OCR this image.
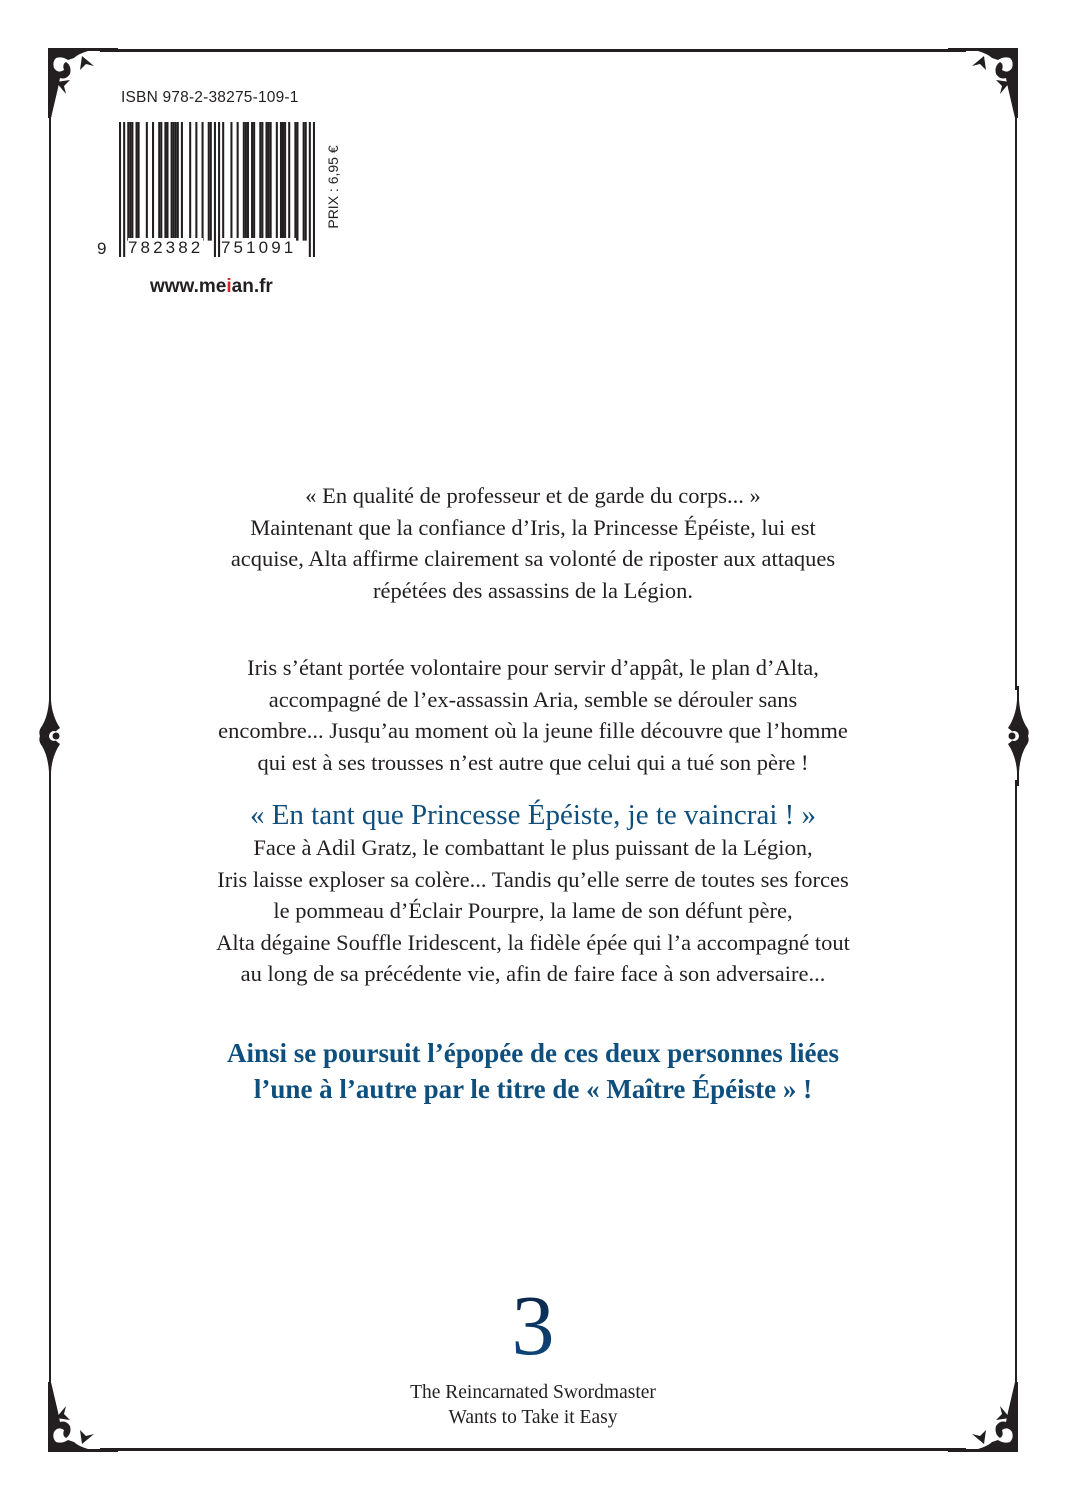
ISBN 978-2-38275-109-1
9 782382 751091
PRIX : 6,95 €
www.meian.fr

« En qualité de professeur et de garde du corps... »

Maintenant que la confiance d’Iris, la Princesse Épéiste, lui est

acquise, Alta affirme clairement sa volonté de riposter aux attaques

répétées des assassins de la Légion.

Iris s’étant portée volontaire pour servir d’appât, le plan d’Alta,

accompagné de l’ex-assassin Aria, semble se dérouler sans

encombre... Jusqu’au moment où la jeune fille découvre que l’homme

qui est à ses trousses n’est autre que celui qui a tué son père !

« En tant que Princesse Épéiste, je te vaincrai ! »

Face à Adil Gratz, le combattant le plus puissant de la Légion,

Iris laisse exploser sa colère... Tandis qu’elle serre de toutes ses forces

le pommeau d’Éclair Pourpre, la lame de son défunt père,

Alta dégaine Souffle Iridescent, la fidèle épée qui l’a accompagné tout

au long de sa précédente vie, afin de faire face à son adversaire...

Ainsi se poursuit l’épopée de ces deux personnes liées
l’une à l’autre par le titre de « Maître Épéiste » !
3
The Reincarnated Swordmaster
Wants to Take it Easy
